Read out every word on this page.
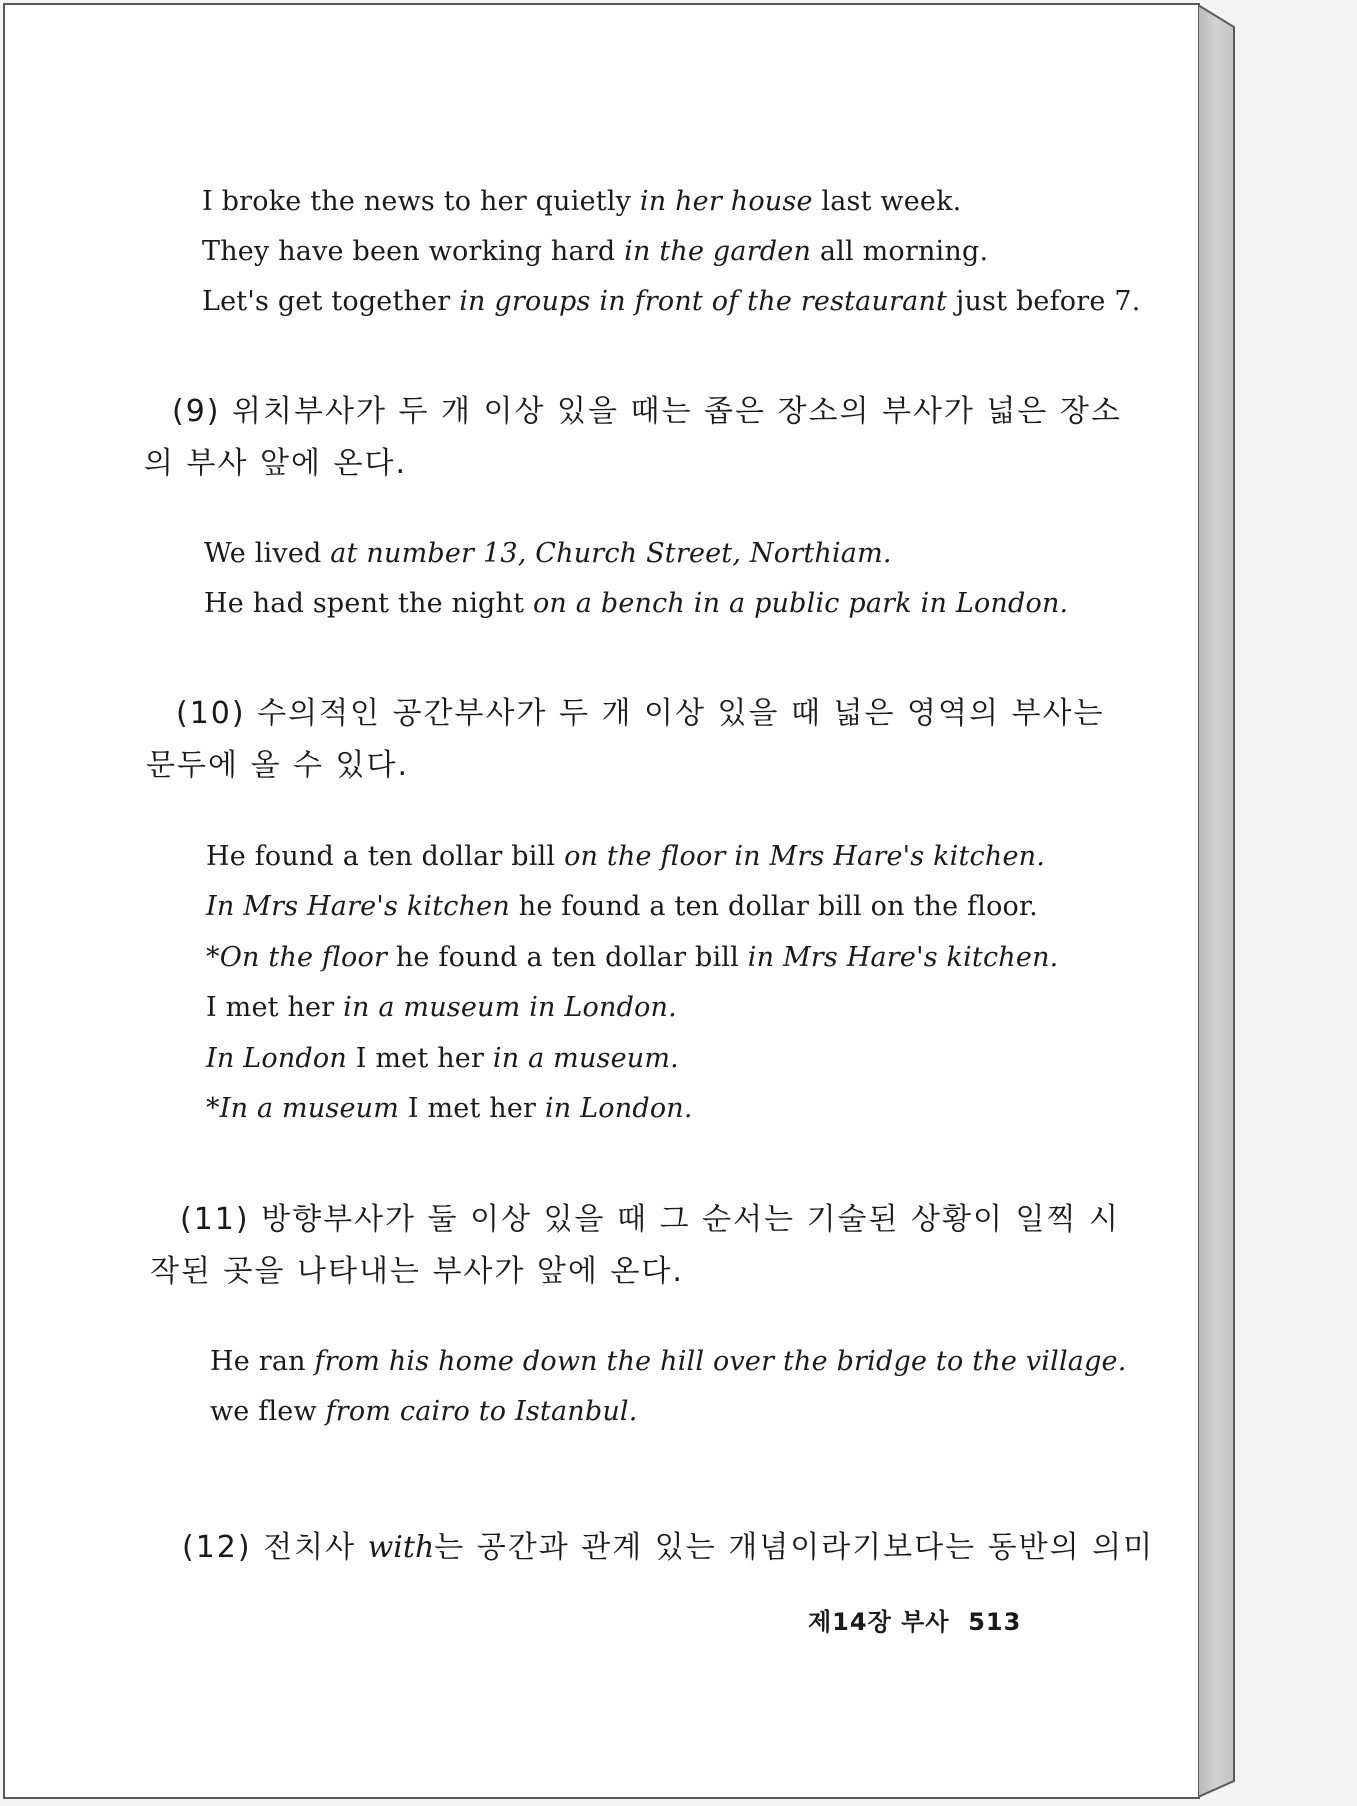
I broke the news to her quietly in her house last week.
They have been working hard in the garden all morning.
Let's get together in groups in front of the restaurant just before 7.
(9) 위치부사가 두 개 이상 있을 때는 좁은 장소의 부사가 넓은 장소
의 부사 앞에 온다.
We lived at number 13, Church Street, Northiam.
He had spent the night on a bench in a public park in London.
(10) 수의적인 공간부사가 두 개 이상 있을 때 넓은 영역의 부사는
문두에 올 수 있다.
He found a ten dollar bill on the floor in Mrs Hare's kitchen.
In Mrs Hare's kitchen he found a ten dollar bill on the floor.
*On the floor he found a ten dollar bill in Mrs Hare's kitchen.
I met her in a museum in London.
In London I met her in a museum.
*In a museum I met her in London.
(11) 방향부사가 둘 이상 있을 때 그 순서는 기술된 상황이 일찍 시
작된 곳을 나타내는 부사가 앞에 온다.
He ran from his home down the hill over the bridge to the village.
we flew from cairo to Istanbul.
(12) 전치사 with는 공간과 관계 있는 개념이라기보다는 동반의 의미
제14장 부사 513
